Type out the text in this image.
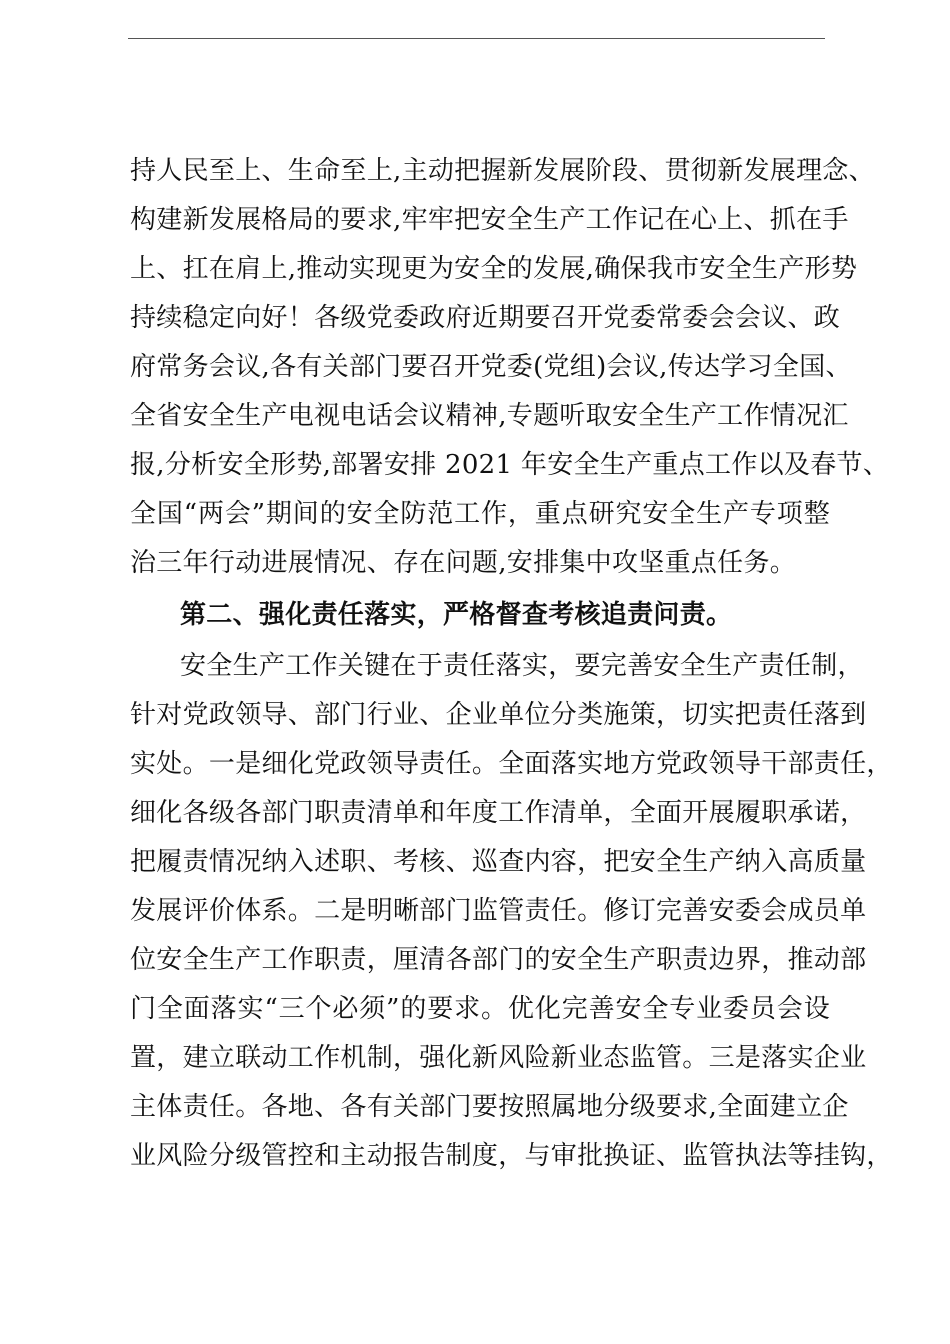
持人民至上、生命至上,主动把握新发展阶段、贯彻新发展理念、
构建新发展格局的要求,牢牢把安全生产工作记在心上、抓在手
上、扛在肩上,推动实现更为安全的发展,确保我市安全生产形势
持续稳定向好！各级党委政府近期要召开党委常委会会议、政
府常务会议,各有关部门要召开党委(党组)会议,传达学习全国、
全省安全生产电视电话会议精神,专题听取安全生产工作情况汇
报,分析安全形势,部署安排 2021 年安全生产重点工作以及春节、
全国“两会”期间的安全防范工作，重点研究安全生产专项整
治三年行动进展情况、存在问题,安排集中攻坚重点任务。
第二、强化责任落实，严格督查考核追责问责。
安全生产工作关键在于责任落实，要完善安全生产责任制，
针对党政领导、部门行业、企业单位分类施策，切实把责任落到
实处。一是细化党政领导责任。全面落实地方党政领导干部责任，
细化各级各部门职责清单和年度工作清单，全面开展履职承诺，
把履责情况纳入述职、考核、巡查内容，把安全生产纳入高质量
发展评价体系。二是明晰部门监管责任。修订完善安委会成员单
位安全生产工作职责，厘清各部门的安全生产职责边界，推动部
门全面落实“三个必须”的要求。优化完善安全专业委员会设
置，建立联动工作机制，强化新风险新业态监管。三是落实企业
主体责任。各地、各有关部门要按照属地分级要求,全面建立企
业风险分级管控和主动报告制度，与审批换证、监管执法等挂钩，
